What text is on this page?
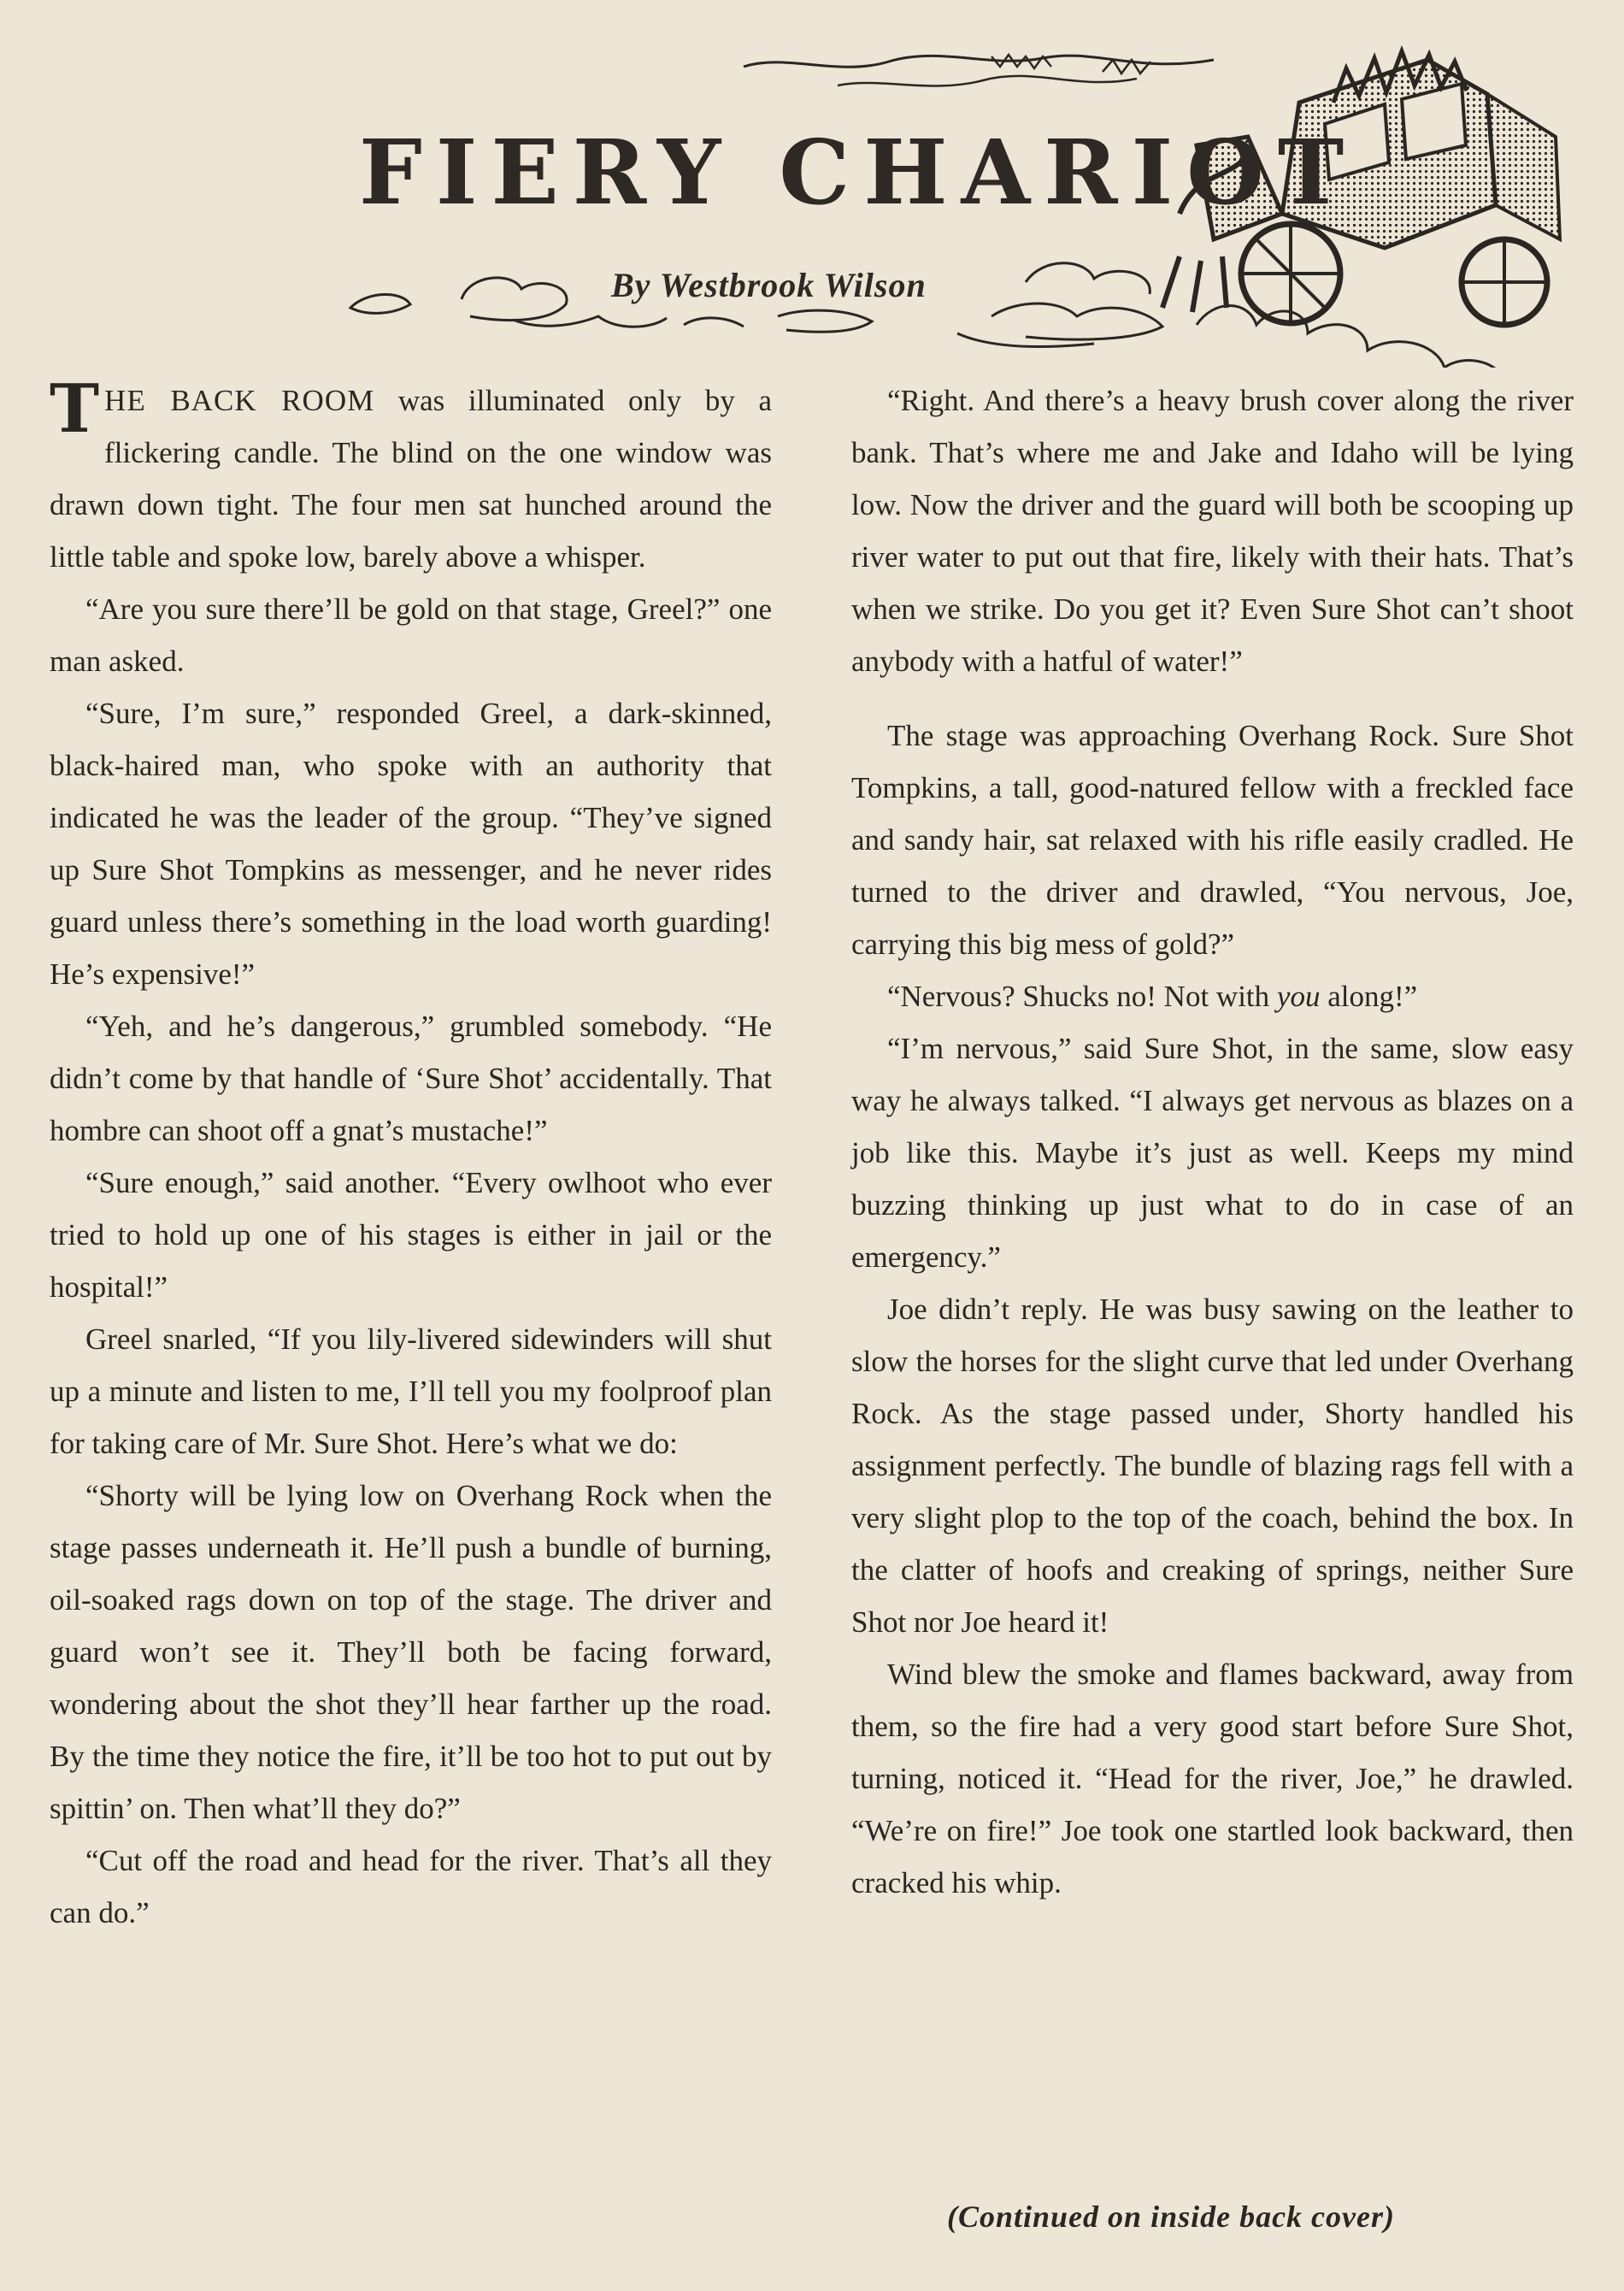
FIERY CHARIOT
By Westbrook Wilson

THE BACK ROOM was illuminated only by a flickering candle. The blind on the one window was drawn down tight. The four men sat hunched around the little table and spoke low, barely above a whisper.

“Are you sure there’ll be gold on that stage, Greel?” one man asked.

“Sure, I’m sure,” responded Greel, a dark-skinned, black-haired man, who spoke with an authority that indicated he was the leader of the group. “They’ve signed up Sure Shot Tompkins as messenger, and he never rides guard unless there’s something in the load worth guarding! He’s expensive!”

“Yeh, and he’s dangerous,” grumbled somebody. “He didn’t come by that handle of ‘Sure Shot’ accidentally. That hombre can shoot off a gnat’s mustache!”

“Sure enough,” said another. “Every owlhoot who ever tried to hold up one of his stages is either in jail or the hospital!”

Greel snarled, “If you lily-livered sidewinders will shut up a minute and listen to me, I’ll tell you my foolproof plan for taking care of Mr. Sure Shot. Here’s what we do:

“Shorty will be lying low on Overhang Rock when the stage passes underneath it. He’ll push a bundle of burning, oil-soaked rags down on top of the stage. The driver and guard won’t see it. They’ll both be facing forward, wondering about the shot they’ll hear farther up the road. By the time they notice the fire, it’ll be too hot to put out by spittin’ on. Then what’ll they do?”

“Cut off the road and head for the river. That’s all they can do.”

“Right. And there’s a heavy brush cover along the river bank. That’s where me and Jake and Idaho will be lying low. Now the driver and the guard will both be scooping up river water to put out that fire, likely with their hats. That’s when we strike. Do you get it? Even Sure Shot can’t shoot anybody with a hatful of water!”

The stage was approaching Overhang Rock. Sure Shot Tompkins, a tall, good-natured fellow with a freckled face and sandy hair, sat relaxed with his rifle easily cradled. He turned to the driver and drawled, “You nervous, Joe, carrying this big mess of gold?”

“Nervous? Shucks no! Not with you along!”

“I’m nervous,” said Sure Shot, in the same, slow easy way he always talked. “I always get nervous as blazes on a job like this. Maybe it’s just as well. Keeps my mind buzzing thinking up just what to do in case of an emergency.”

Joe didn’t reply. He was busy sawing on the leather to slow the horses for the slight curve that led under Overhang Rock. As the stage passed under, Shorty handled his assignment perfectly. The bundle of blazing rags fell with a very slight plop to the top of the coach, behind the box. In the clatter of hoofs and creaking of springs, neither Sure Shot nor Joe heard it!

Wind blew the smoke and flames backward, away from them, so the fire had a very good start before Sure Shot, turning, noticed it. “Head for the river, Joe,” he drawled. “We’re on fire!” Joe took one startled look backward, then cracked his whip.

(Continued on inside back cover)
